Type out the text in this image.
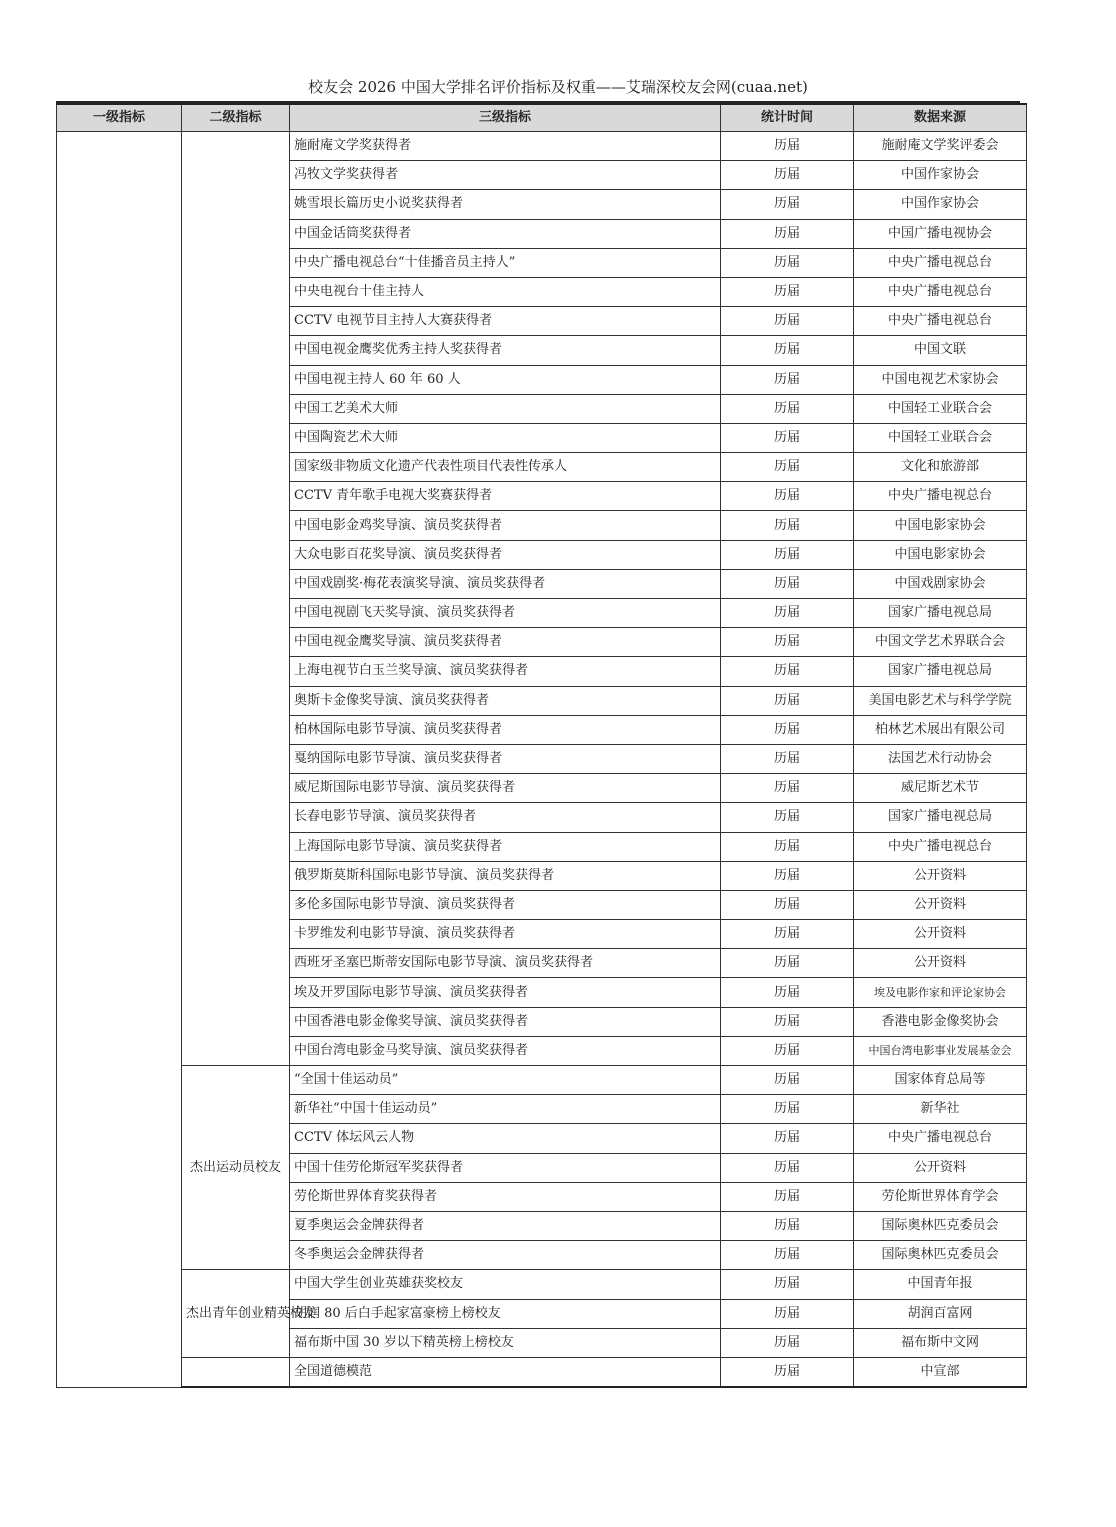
校友会 2026 中国大学排名评价指标及权重——艾瑞深校友会网(cuaa.net)
一级指标	二级指标	三级指标	统计时间	数据来源
		施耐庵文学奖获得者	历届	施耐庵文学奖评委会
		冯牧文学奖获得者	历届	中国作家协会
		姚雪垠长篇历史小说奖获得者	历届	中国作家协会
		中国金话筒奖获得者	历届	中国广播电视协会
		中央广播电视总台“十佳播音员主持人”	历届	中央广播电视总台
		中央电视台十佳主持人	历届	中央广播电视总台
		CCTV 电视节目主持人大赛获得者	历届	中央广播电视总台
		中国电视金鹰奖优秀主持人奖获得者	历届	中国文联
		中国电视主持人 60 年 60 人	历届	中国电视艺术家协会
		中国工艺美术大师	历届	中国轻工业联合会
		中国陶瓷艺术大师	历届	中国轻工业联合会
		国家级非物质文化遗产代表性项目代表性传承人	历届	文化和旅游部
		CCTV 青年歌手电视大奖赛获得者	历届	中央广播电视总台
		中国电影金鸡奖导演、演员奖获得者	历届	中国电影家协会
		大众电影百花奖导演、演员奖获得者	历届	中国电影家协会
		中国戏剧奖·梅花表演奖导演、演员奖获得者	历届	中国戏剧家协会
		中国电视剧飞天奖导演、演员奖获得者	历届	国家广播电视总局
		中国电视金鹰奖导演、演员奖获得者	历届	中国文学艺术界联合会
		上海电视节白玉兰奖导演、演员奖获得者	历届	国家广播电视总局
		奥斯卡金像奖导演、演员奖获得者	历届	美国电影艺术与科学学院
		柏林国际电影节导演、演员奖获得者	历届	柏林艺术展出有限公司
		戛纳国际电影节导演、演员奖获得者	历届	法国艺术行动协会
		威尼斯国际电影节导演、演员奖获得者	历届	威尼斯艺术节
		长春电影节导演、演员奖获得者	历届	国家广播电视总局
		上海国际电影节导演、演员奖获得者	历届	中央广播电视总台
		俄罗斯莫斯科国际电影节导演、演员奖获得者	历届	公开资料
		多伦多国际电影节导演、演员奖获得者	历届	公开资料
		卡罗维发利电影节导演、演员奖获得者	历届	公开资料
		西班牙圣塞巴斯蒂安国际电影节导演、演员奖获得者	历届	公开资料
		埃及开罗国际电影节导演、演员奖获得者	历届	埃及电影作家和评论家协会
		中国香港电影金像奖导演、演员奖获得者	历届	香港电影金像奖协会
		中国台湾电影金马奖导演、演员奖获得者	历届	中国台湾电影事业发展基金会
	杰出运动员校友	“全国十佳运动员”	历届	国家体育总局等
		新华社“中国十佳运动员”	历届	新华社
		CCTV 体坛风云人物	历届	中央广播电视总台
		中国十佳劳伦斯冠军奖获得者	历届	公开资料
		劳伦斯世界体育奖获得者	历届	劳伦斯世界体育学会
		夏季奥运会金牌获得者	历届	国际奥林匹克委员会
		冬季奥运会金牌获得者	历届	国际奥林匹克委员会
	杰出青年创业精英校友	中国大学生创业英雄获奖校友	历届	中国青年报
		胡润 80 后白手起家富豪榜上榜校友	历届	胡润百富网
		福布斯中国 30 岁以下精英榜上榜校友	历届	福布斯中文网
		全国道德模范	历届	中宣部
